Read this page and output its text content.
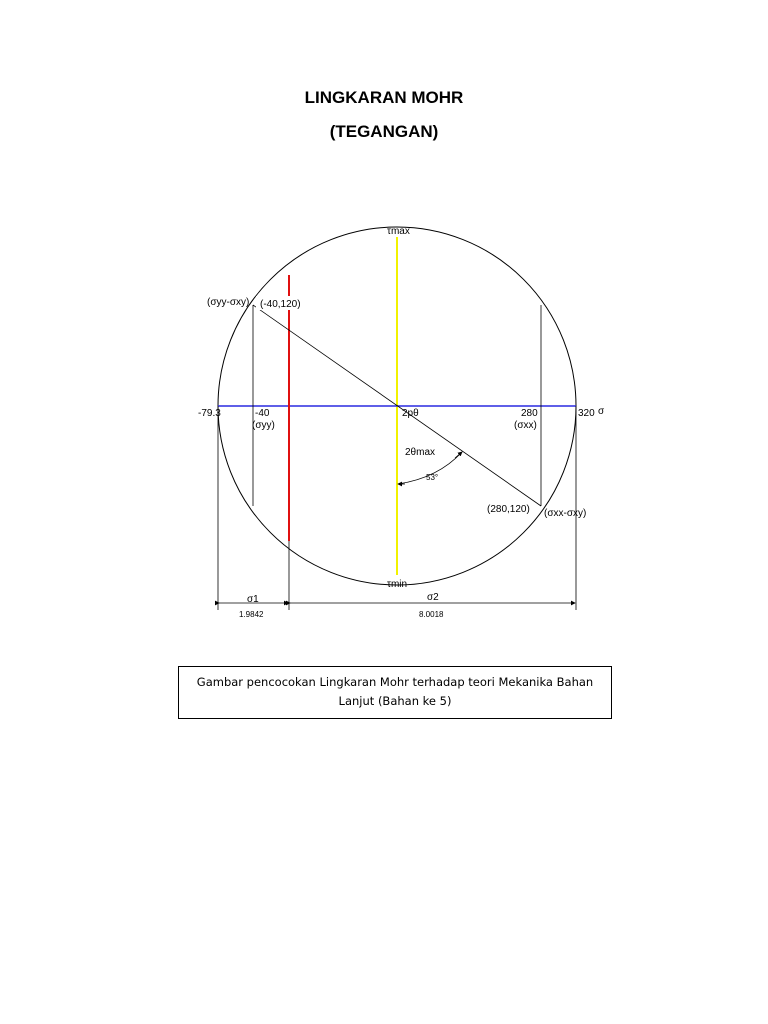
LINGKARAN MOHR
(TEGANGAN)
τmax
τmin
(σyy-σxy) (-40,120)
-79.3	-40
(σyy)
2pθ	280
(σxx)
320 σ
2θmax
53°
(280,120) (σxx-σxy)
σ1
1.9842
σ2
8.0018
Gambar pencocokan Lingkaran Mohr terhadap teori Mekanika Bahan
Lanjut (Bahan ke 5)
